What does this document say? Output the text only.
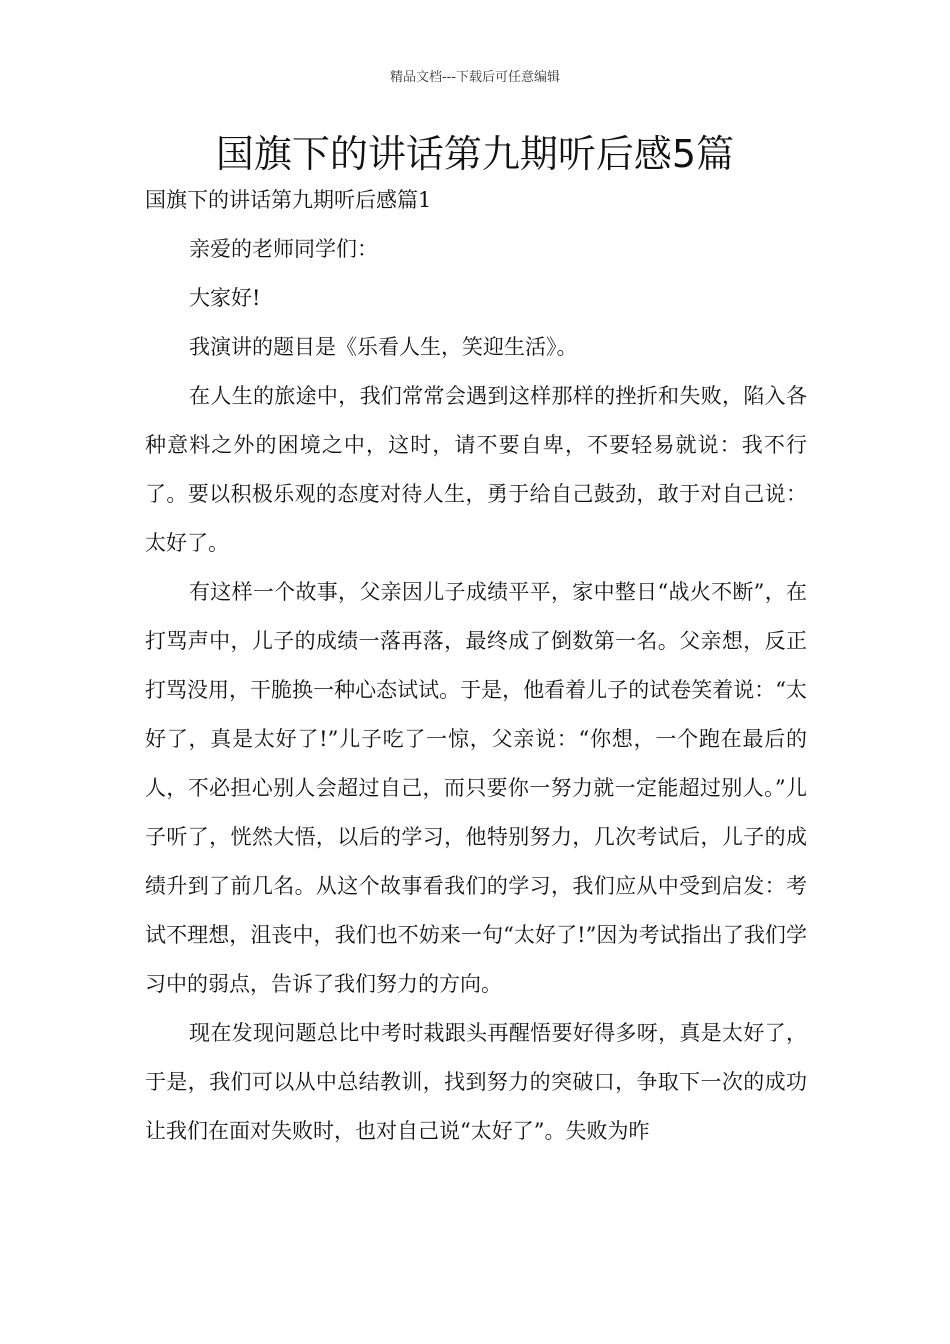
精品文档---下载后可任意编辑
国旗下的讲话第九期听后感5篇

国旗下的讲话第九期听后感篇1

亲爱的老师同学们：

大家好!

我演讲的题目是《乐看人生，笑迎生活》。

在人生的旅途中，我们常常会遇到这样那样的挫折和失败，陷入各种意料之外的困境之中，这时，请不要自卑，不要轻易就说：我不行了。要以积极乐观的态度对待人生，勇于给自己鼓劲，敢于对自己说：太好了。

有这样一个故事，父亲因儿子成绩平平，家中整日“战火不断”，在打骂声中，儿子的成绩一落再落，最终成了倒数第一名。父亲想，反正打骂没用，干脆换一种心态试试。于是，他看着儿子的试卷笑着说：“太好了，真是太好了!”儿子吃了一惊，父亲说：“你想，一个跑在最后的人，不必担心别人会超过自己，而只要你一努力就一定能超过别人。”儿子听了，恍然大悟，以后的学习，他特别努力，几次考试后，儿子的成绩升到了前几名。从这个故事看我们的学习，我们应从中受到启发：考试不理想，沮丧中，我们也不妨来一句“太好了!”因为考试指出了我们学习中的弱点，告诉了我们努力的方向。

现在发现问题总比中考时栽跟头再醒悟要好得多呀，真是太好了，于是，我们可以从中总结教训，找到努力的突破口，争取下一次的成功让我们在面对失败时，也对自己说“太好了”。失败为昨
